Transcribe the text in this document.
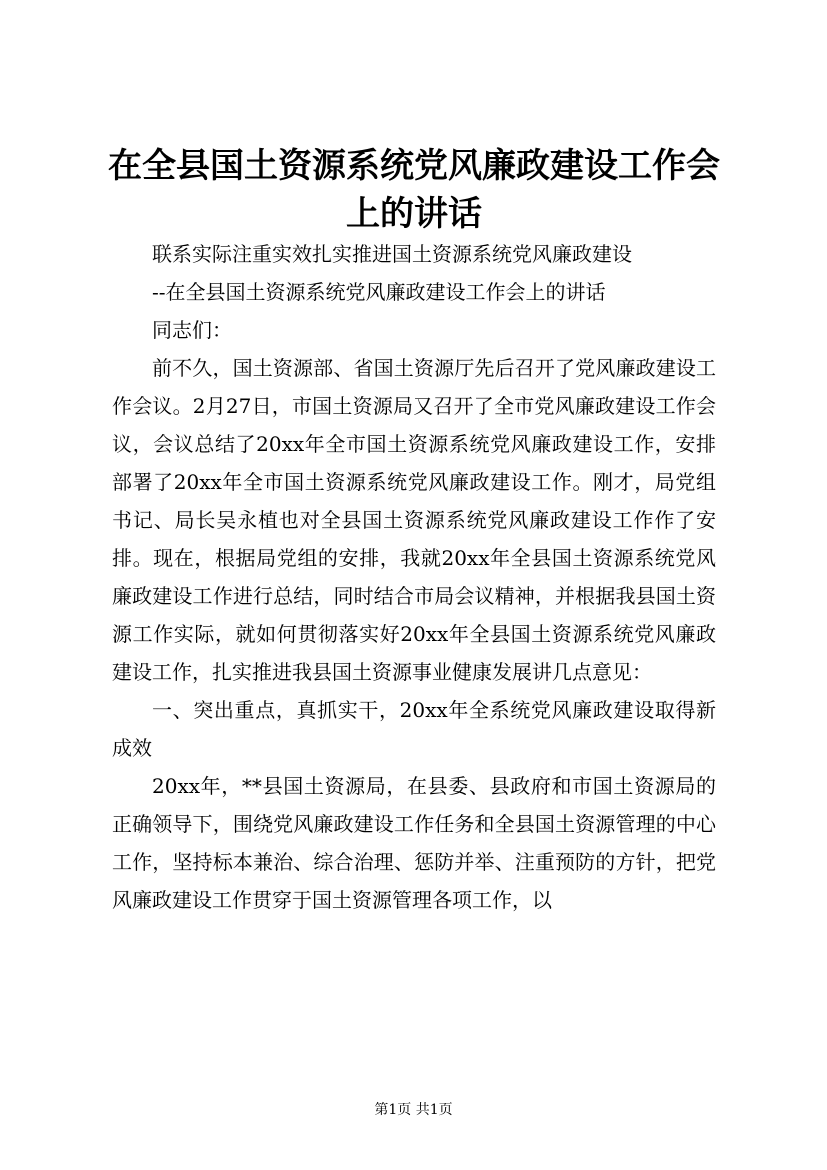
在全县国土资源系统党风廉政建设工作会上的讲话

联系实际注重实效扎实推进国土资源系统党风廉政建设

--在全县国土资源系统党风廉政建设工作会上的讲话

同志们：

前不久，国土资源部、省国土资源厅先后召开了党风廉政建设工作会议。2月27日，市国土资源局又召开了全市党风廉政建设工作会议，会议总结了20xx年全市国土资源系统党风廉政建设工作，安排部署了20xx年全市国土资源系统党风廉政建设工作。刚才，局党组书记、局长吴永植也对全县国土资源系统党风廉政建设工作作了安排。现在，根据局党组的安排，我就20xx年全县国土资源系统党风廉政建设工作进行总结，同时结合市局会议精神，并根据我县国土资源工作实际，就如何贯彻落实好20xx年全县国土资源系统党风廉政建设工作，扎实推进我县国土资源事业健康发展讲几点意见：

一、突出重点，真抓实干，20xx年全系统党风廉政建设取得新成效

20xx年，**县国土资源局，在县委、县政府和市国土资源局的正确领导下，围绕党风廉政建设工作任务和全县国土资源管理的中心工作，坚持标本兼治、综合治理、惩防并举、注重预防的方针，把党风廉政建设工作贯穿于国土资源管理各项工作，以

第1页 共1页
